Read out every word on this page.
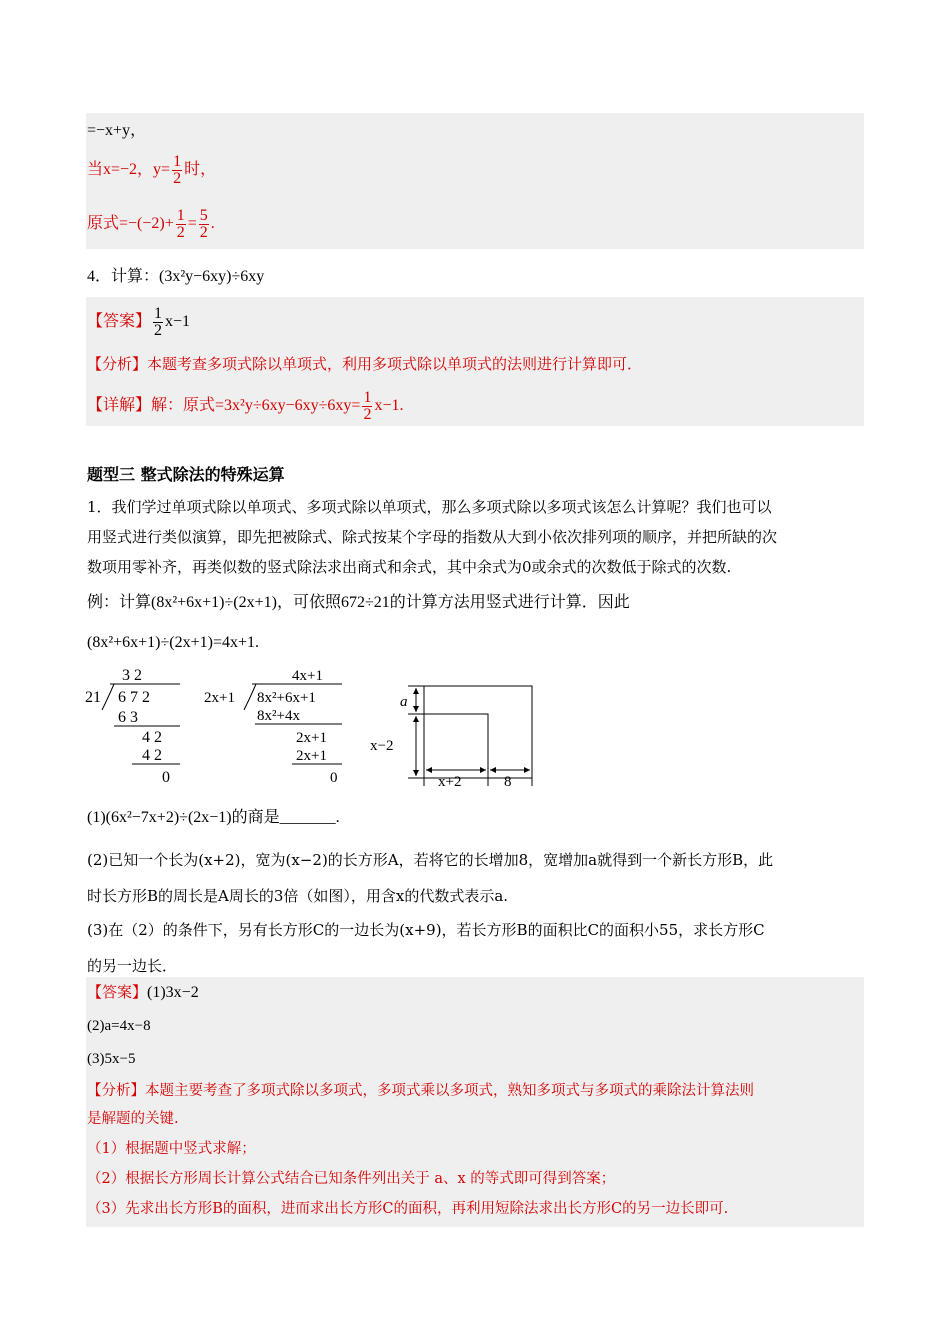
=−x+y，
当x=−2，$y= \frac{1}{2}$ 时，
原式$=-(-2)+ \frac{1}{2} = \frac{5}{2}$ .
4．计算：(3x²y−6xy)÷6xy
【答案】 $\frac{1}{2} x-1$
【分析】本题考查多项式除以单项式，利用多项式除以单项式的法则进行计算即可．
【详解】解：原式$=3x^2y\div 6xy-6xy\div 6xy= \frac{1}{2} x-1$.
题型三 整式除法的特殊运算
1．我们学过单项式除以单项式、多项式除以单项式，那么多项式除以多项式该怎么计算呢？我们也可以
用竖式进行类似演算，即先把被除式、除式按某个字母的指数从大到小依次排列项的顺序，并把所缺的次
数项用零补齐，再类似数的竖式除法求出商式和余式，其中余式为0或余式的次数低于除式的次数.
例：计算(8x²+6x+1)÷(2x+1)，可依照672÷21的计算方法用竖式进行计算．因此
(8x²+6x+1)÷(2x+1)=4x+1.
3 2
21 6 7 2
6 3
4 2
4 2
0
4x+1
2x+1 8x²+6x+1
8x²+4x
2x+1
2x+1
0
a
x−2
x+2	8
(1)(6x²−7x+2)÷(2x−1)的商是_______.
(2)已知一个长为(x+2)，宽为(x−2)的长方形A，若将它的长增加8，宽增加a就得到一个新长方形B，此
时长方形B的周长是A周长的3倍（如图），用含x的代数式表示a.
(3)在（2）的条件下，另有长方形C的一边长为(x+9)，若长方形B的面积比C的面积小55，求长方形C
的另一边长．
【答案】(1)3x−2
(2)a=4x−8
(3)5x−5
【分析】本题主要考查了多项式除以多项式，多项式乘以多项式，熟知多项式与多项式的乘除法计算法则
是解题的关键.
（1）根据题中竖式求解；
（2）根据长方形周长计算公式结合已知条件列出关于 a、x 的等式即可得到答案；
（3）先求出长方形B的面积，进而求出长方形C的面积，再利用短除法求出长方形C的另一边长即可.
